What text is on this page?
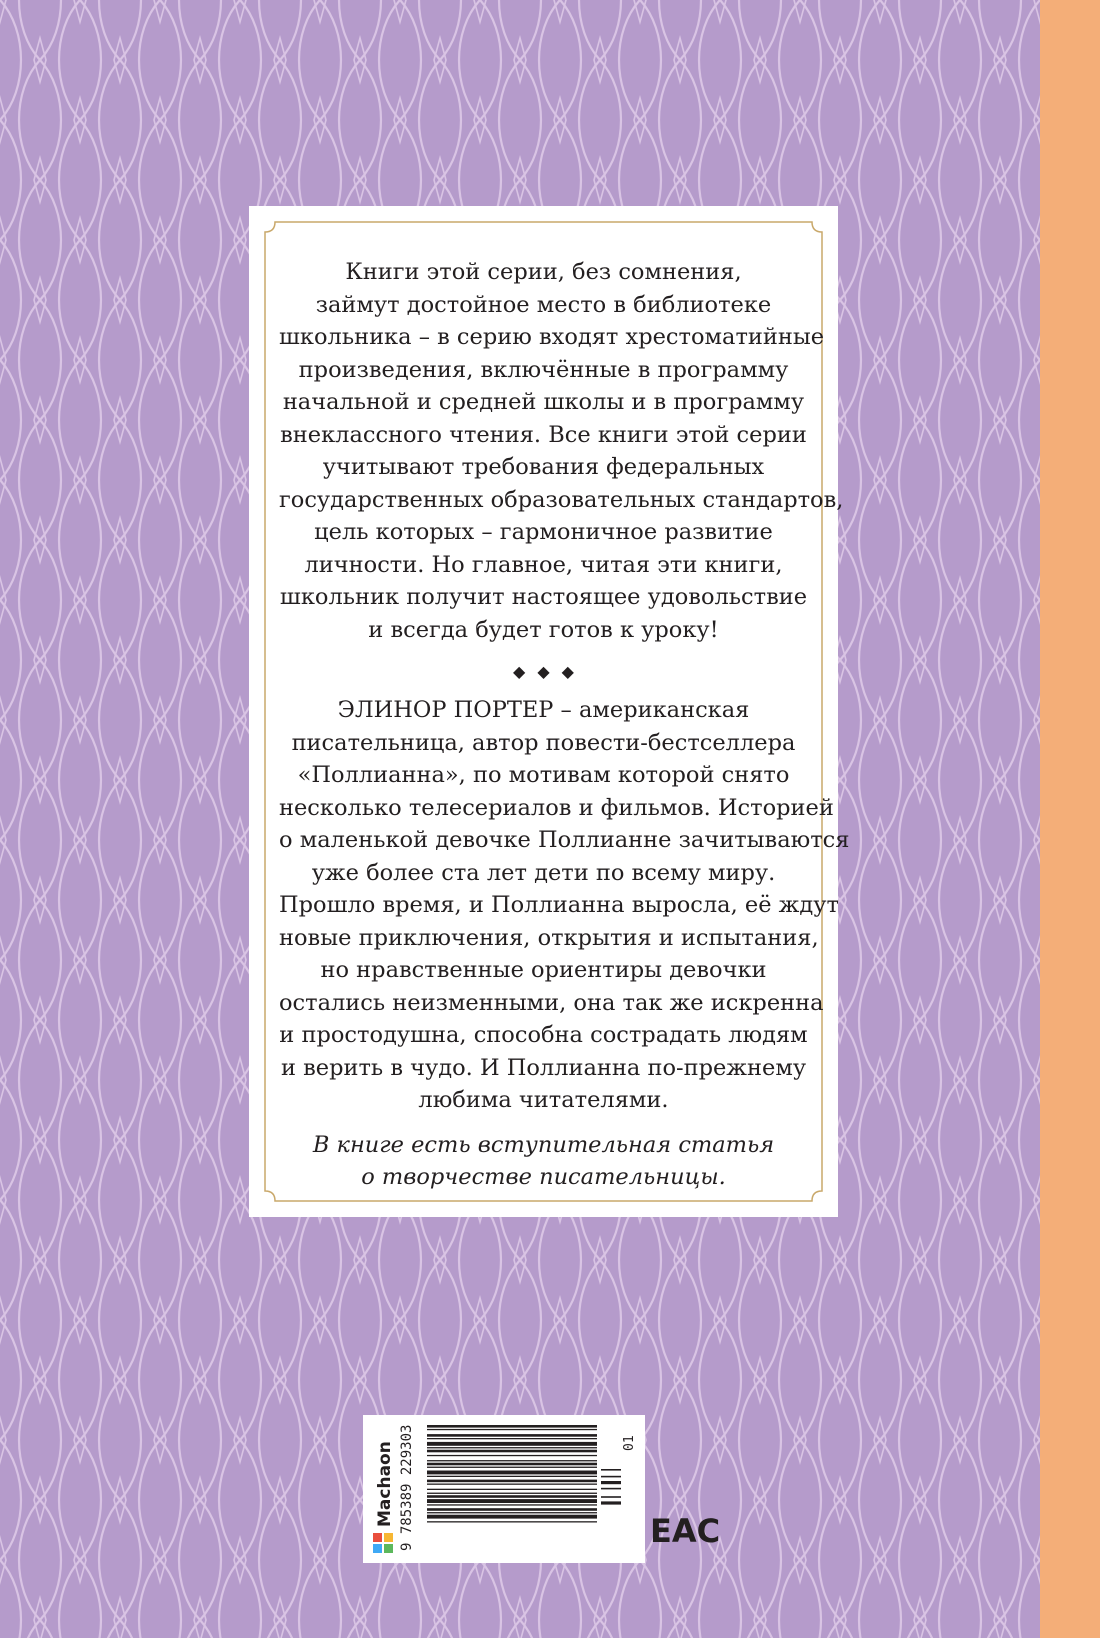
Книги этой серии, без сомнения,
займут достойное место в библиотеке
школьника – в серию входят хрестоматийные
произведения, включённые в программу
начальной и средней школы и в программу
внеклассного чтения. Все книги этой серии
учитывают требования федеральных
государственных образовательных стандартов,
цель которых – гармоничное развитие
личности. Но главное, читая эти книги,
школьник получит настоящее удовольствие
и всегда будет готов к уроку!

◆◆◆

ЭЛИНОР ПОРТЕР – американская
писательница, автор повести-бестселлера
«Поллианна», по мотивам которой снято
несколько телесериалов и фильмов. Историей
о маленькой девочке Поллианне зачитываются
уже более ста лет дети по всему миру.
Прошло время, и Поллианна выросла, её ждут
новые приключения, открытия и испытания,
но нравственные ориентиры девочки
остались неизменными, она так же искренна
и простодушна, способна сострадать людям
и верить в чудо. И Поллианна по-прежнему
любима читателями.

В книге есть вступительная статья
о творчестве писательницы.

Machaon 9 785389 229303	01
EAC
